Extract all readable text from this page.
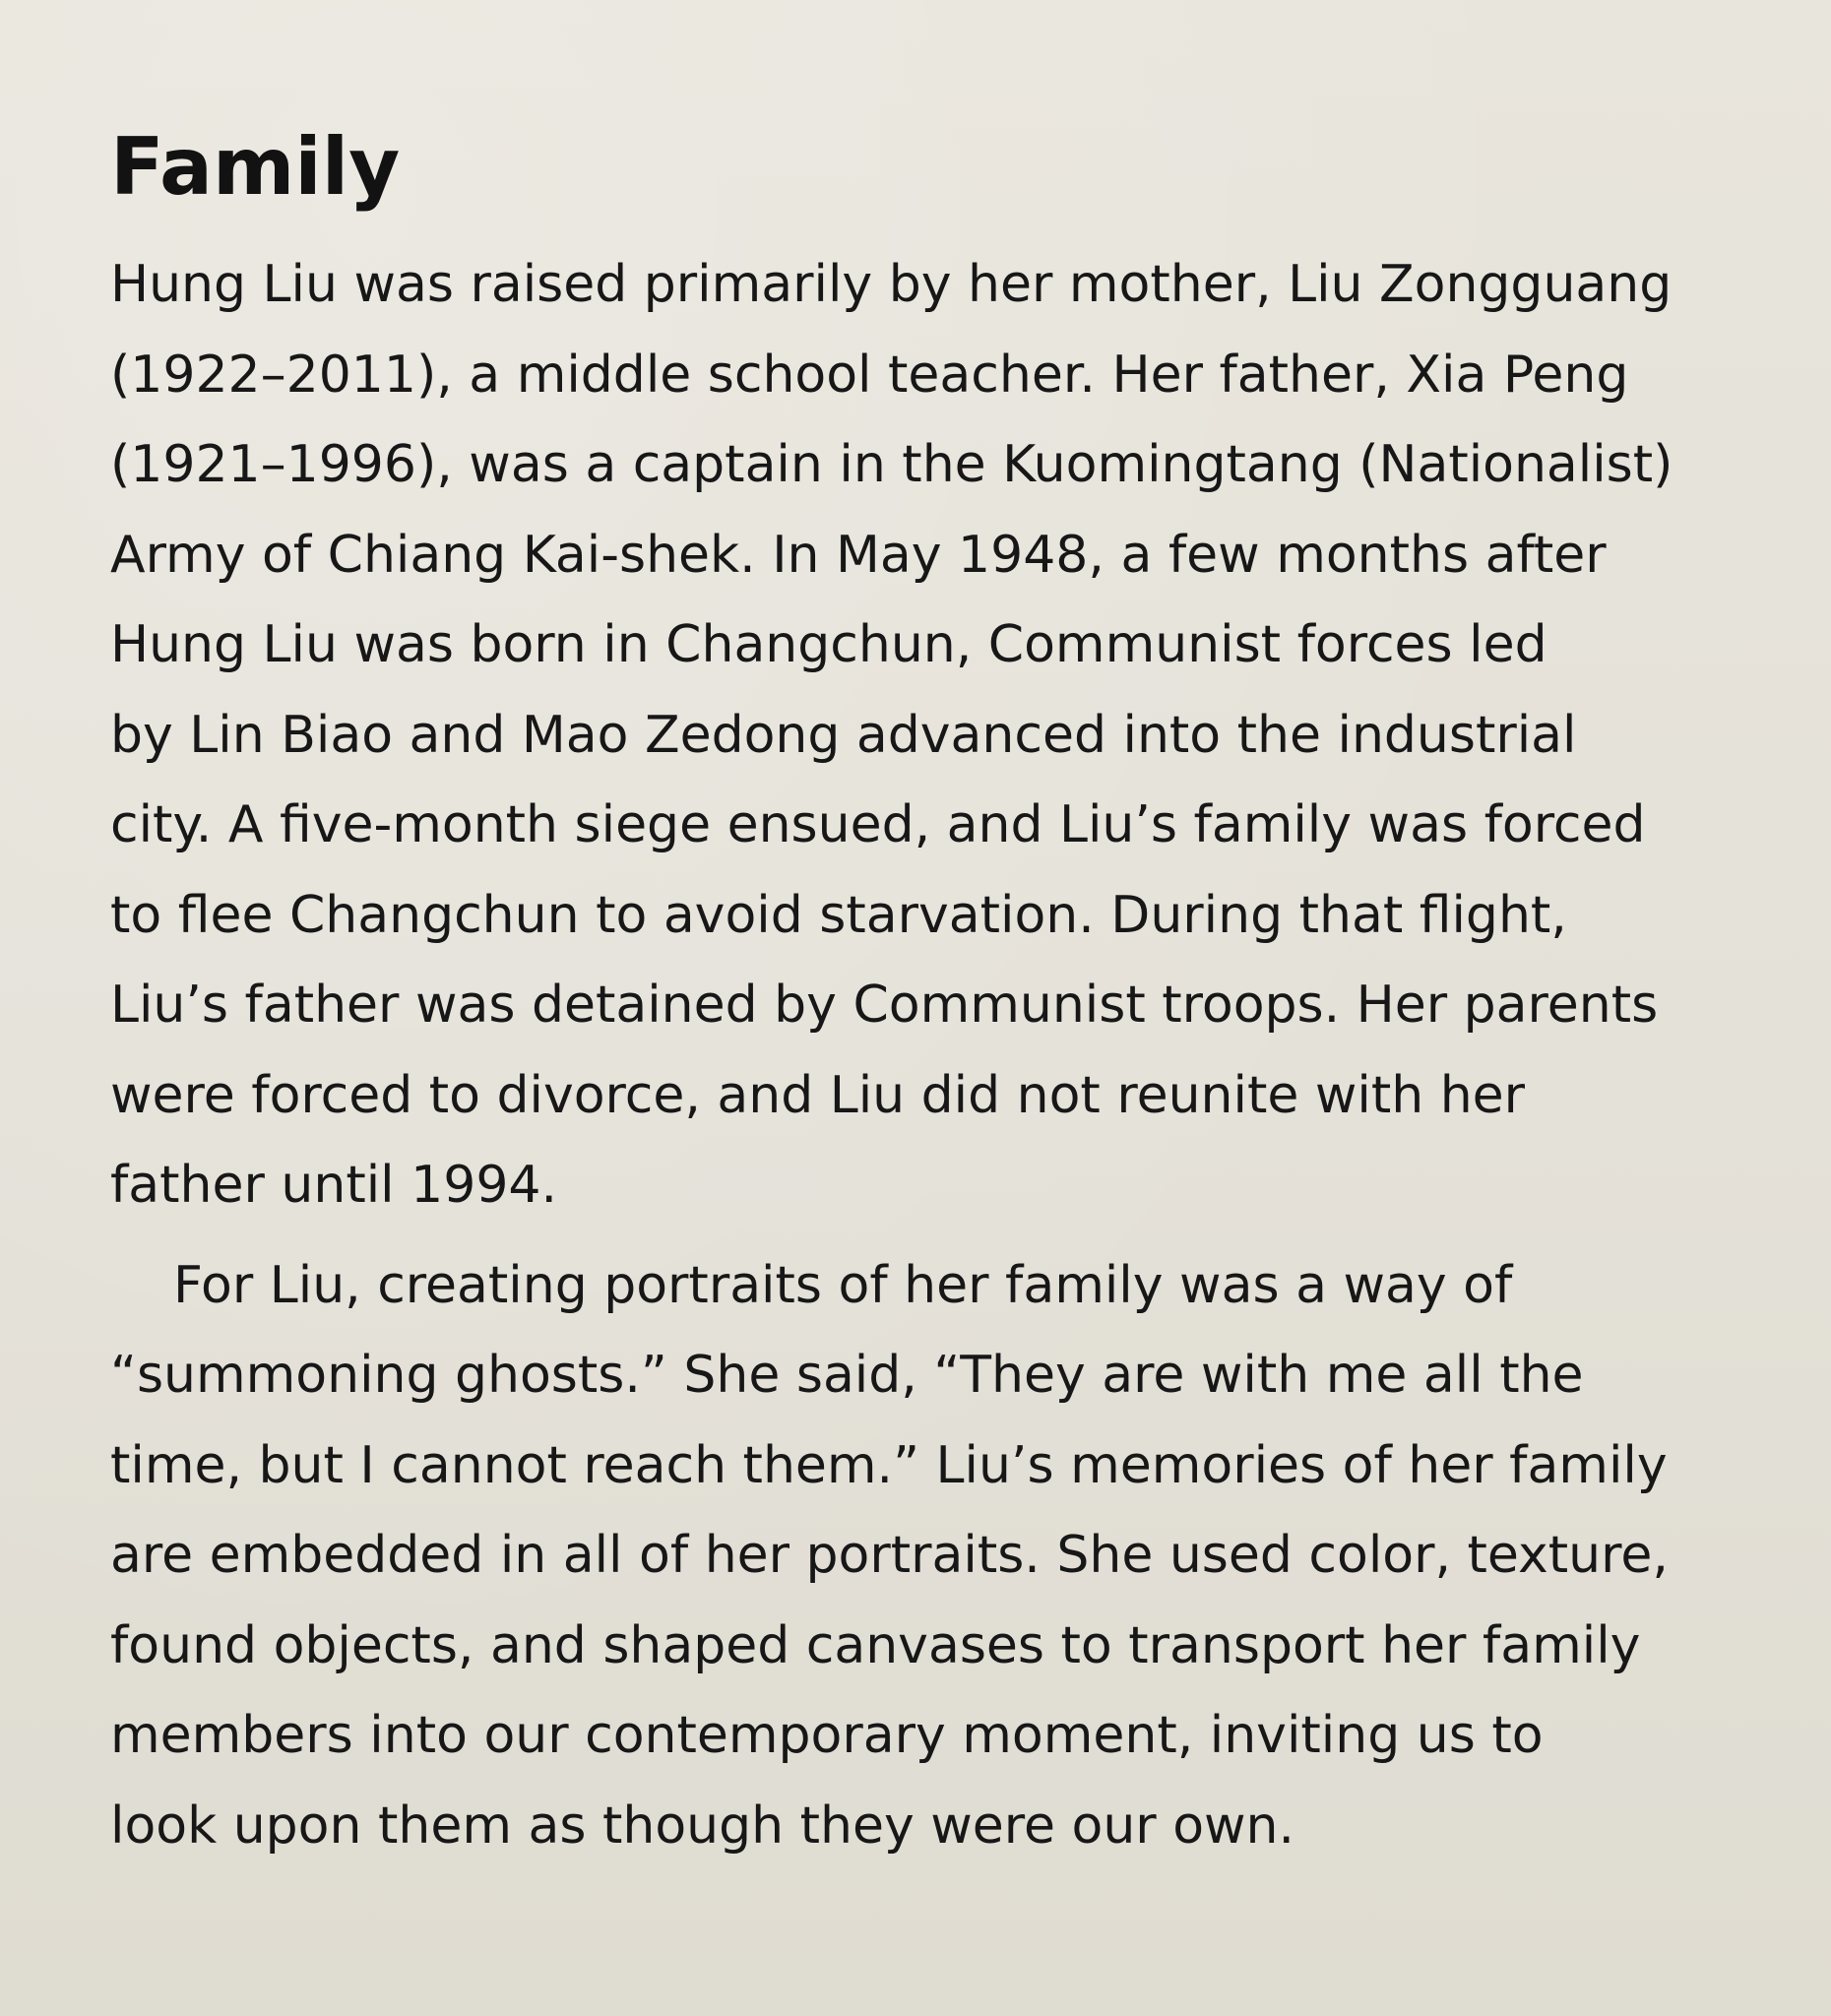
Family

Hung Liu was raised primarily by her mother, Liu Zongguang
(1922–2011), a middle school teacher. Her father, Xia Peng
(1921–1996), was a captain in the Kuomingtang (Nationalist)
Army of Chiang Kai-shek. In May 1948, a few months after
Hung Liu was born in Changchun, Communist forces led
by Lin Biao and Mao Zedong advanced into the industrial
city. A five-month siege ensued, and Liu’s family was forced
to flee Changchun to avoid starvation. During that flight,
Liu’s father was detained by Communist troops. Her parents
were forced to divorce, and Liu did not reunite with her
father until 1994.

For Liu, creating portraits of her family was a way of
“summoning ghosts.” She said, “They are with me all the
time, but I cannot reach them.” Liu’s memories of her family
are embedded in all of her portraits. She used color, texture,
found objects, and shaped canvases to transport her family
members into our contemporary moment, inviting us to
look upon them as though they were our own.
